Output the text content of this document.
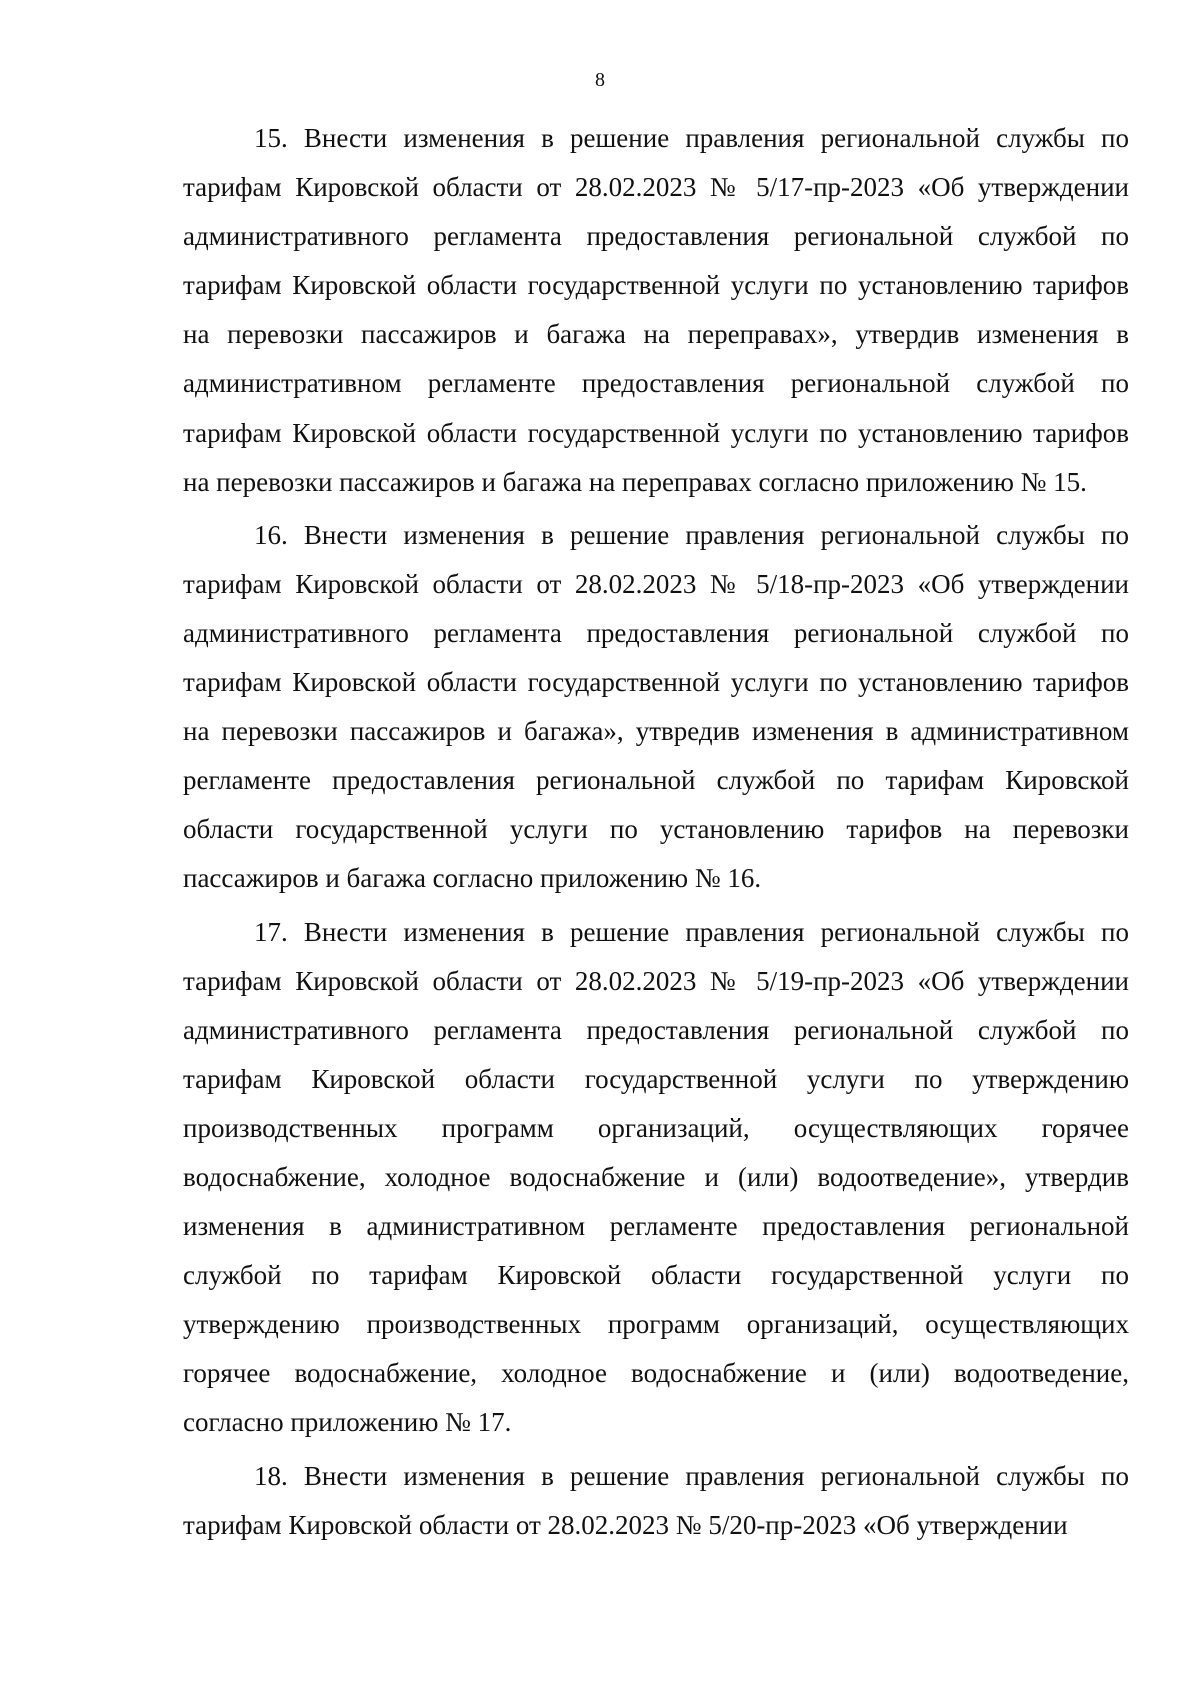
8

15. Внести изменения в решение правления региональной службы по тарифам Кировской области от 28.02.2023 № 5/17-пр-2023 «Об утверждении административного регламента предоставления региональной службой по тарифам Кировской области государственной услуги по установлению тарифов на перевозки пассажиров и багажа на переправах», утвердив изменения в административном регламенте предоставления региональной службой по тарифам Кировской области государственной услуги по установлению тарифов на перевозки пассажиров и багажа на переправах согласно приложению № 15.

16. Внести изменения в решение правления региональной службы по тарифам Кировской области от 28.02.2023 № 5/18-пр-2023 «Об утверждении административного регламента предоставления региональной службой по тарифам Кировской области государственной услуги по установлению тарифов на перевозки пассажиров и багажа», утвредив изменения в административном регламенте предоставления региональной службой по тарифам Кировской области государственной услуги по установлению тарифов на перевозки пассажиров и багажа согласно приложению № 16.

17. Внести изменения в решение правления региональной службы по тарифам Кировской области от 28.02.2023 № 5/19-пр-2023 «Об утверждении административного регламента предоставления региональной службой по тарифам Кировской области государственной услуги по утверждению производственных программ организаций, осуществляющих горячее водоснабжение, холодное водоснабжение и (или) водоотведение», утвердив изменения в административном регламенте предоставления региональной службой по тарифам Кировской области государственной услуги по утверждению производственных программ организаций, осуществляющих горячее водоснабжение, холодное водоснабжение и (или) водоотведение, согласно приложению № 17.

18. Внести изменения в решение правления региональной службы по тарифам Кировской области от 28.02.2023 № 5/20-пр-2023 «Об утверждении
